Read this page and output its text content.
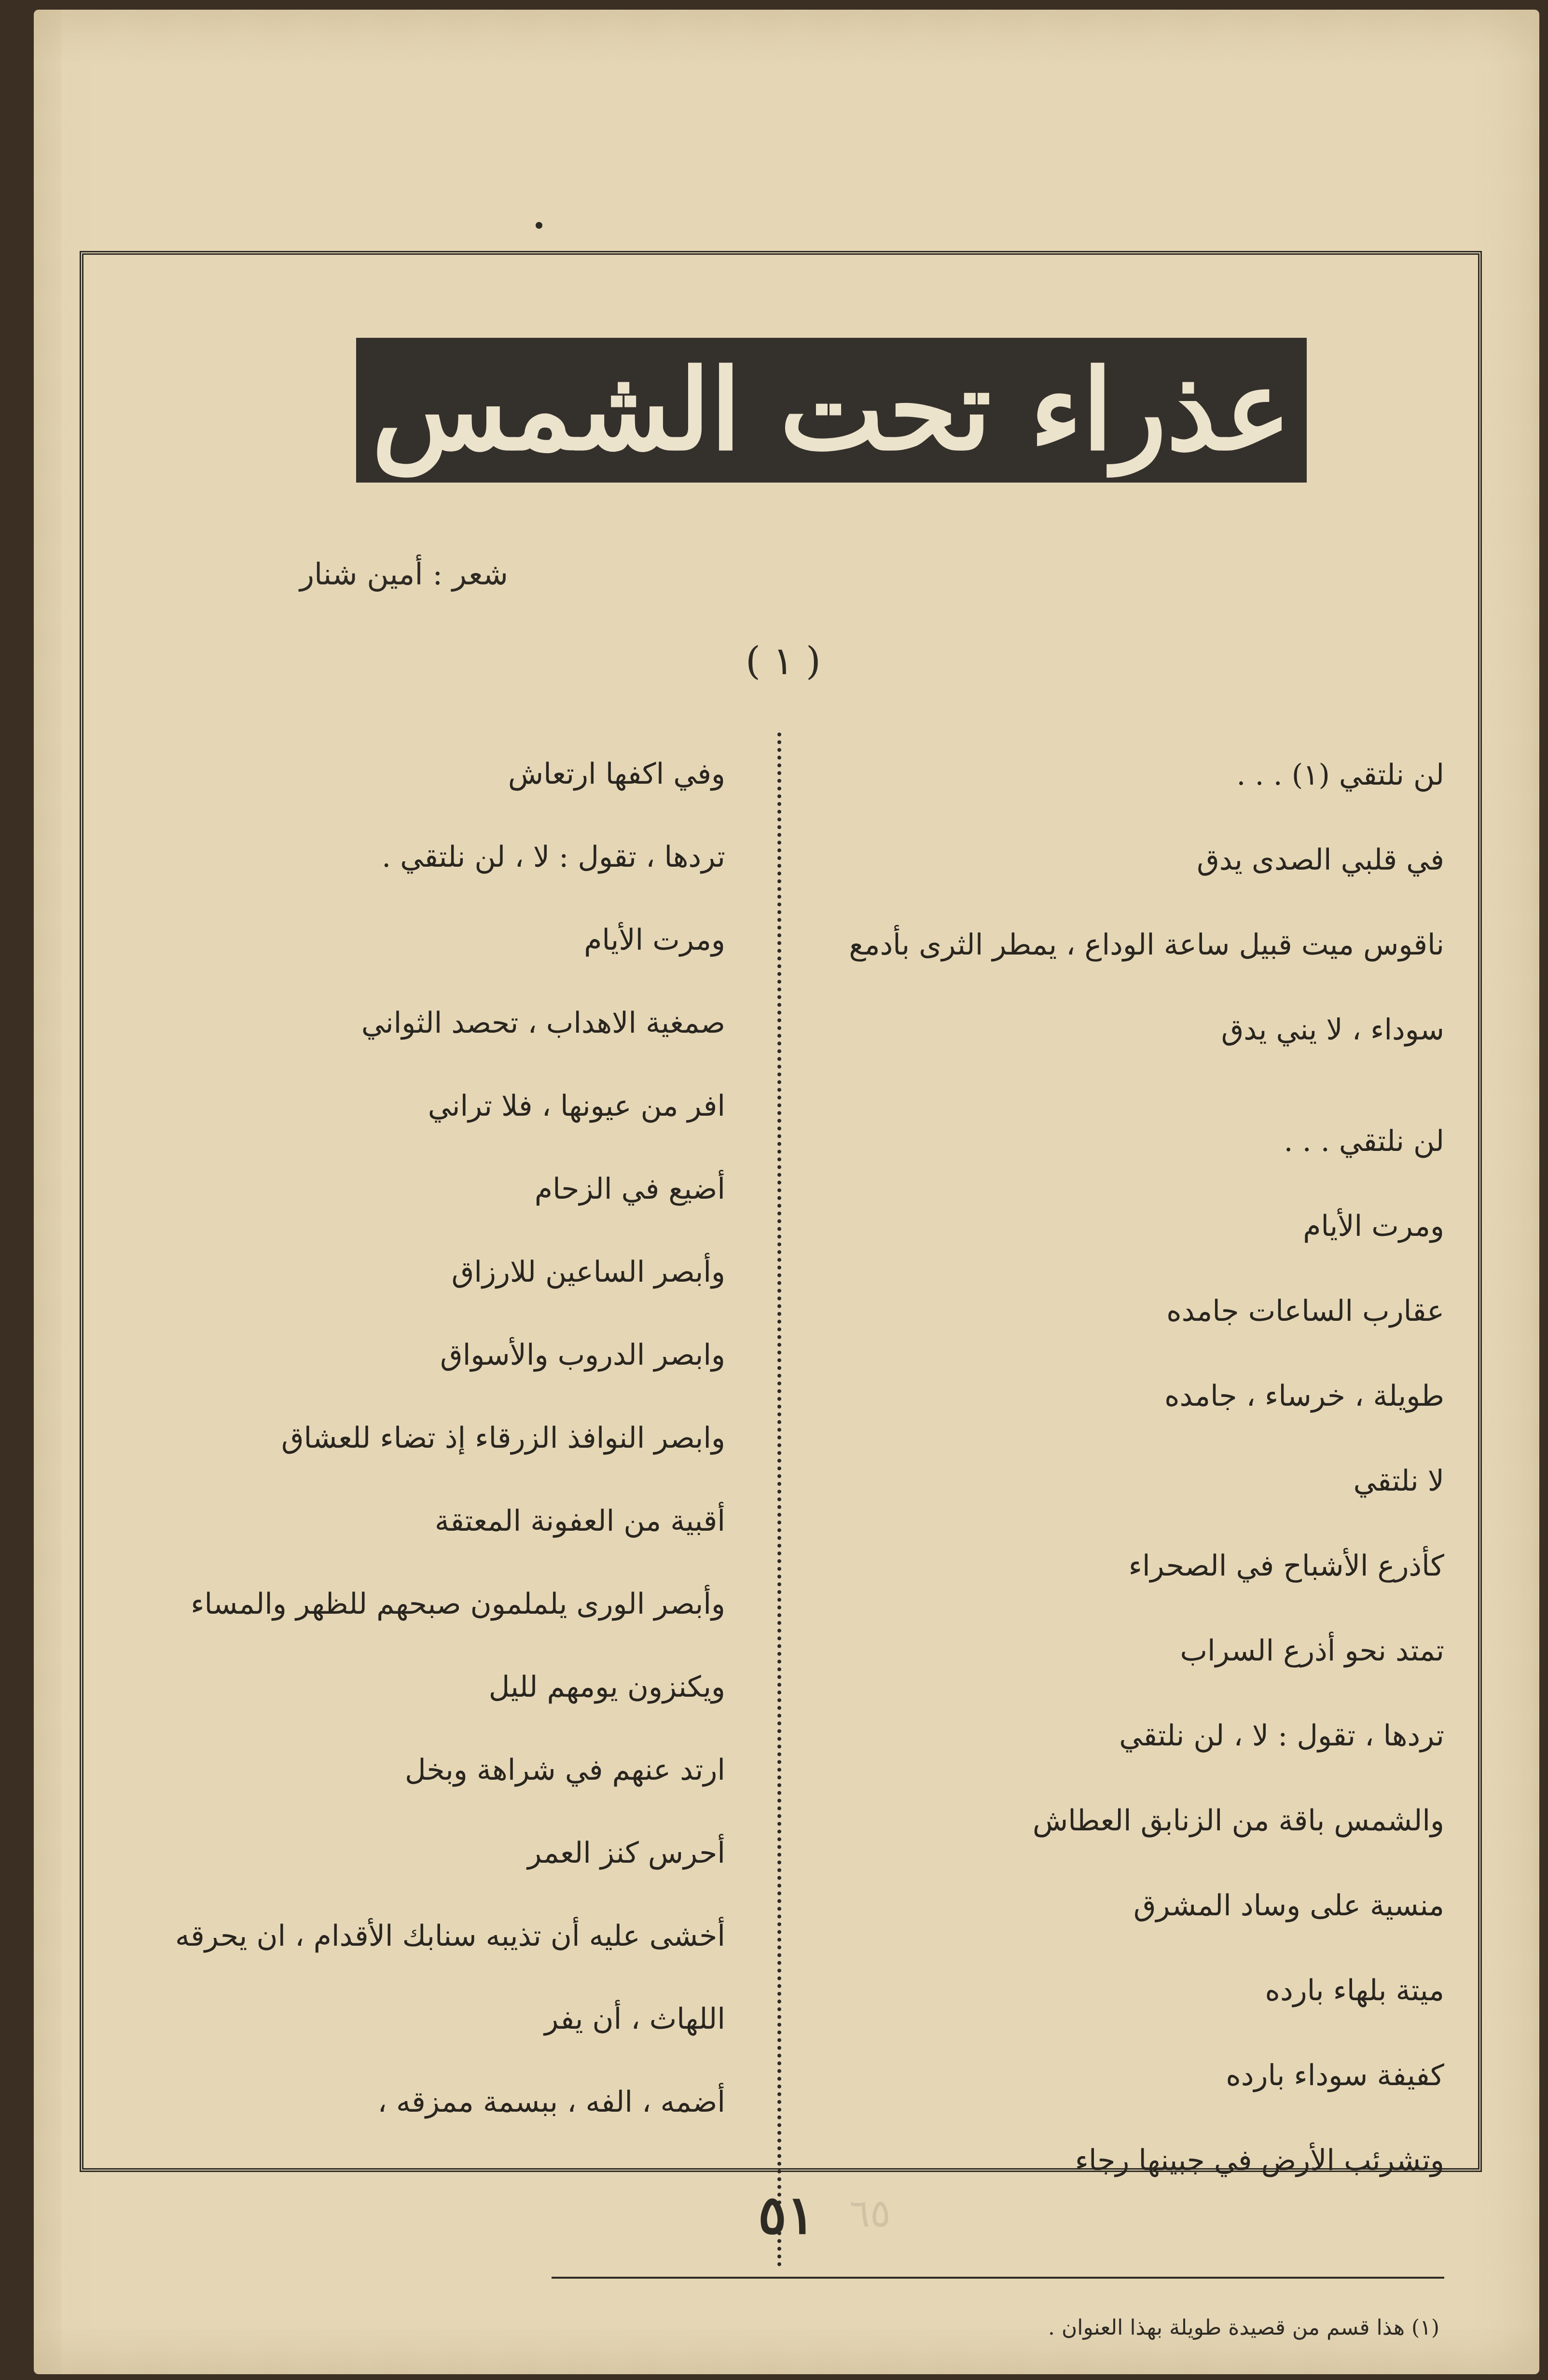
عذراء تحت الشمس
شعر : أمين شنار
( ١ )
لن نلتقي (١) . . .
في قلبي الصدى يدق
ناقوس ميت قبيل ساعة الوداع ، يمطر الثرى بأدمع
سوداء ، لا يني يدق
لن نلتقي . . .
ومرت الأيام
عقارب الساعات جامده
طويلة ، خرساء ، جامده
لا نلتقي
كأذرع الأشباح في الصحراء
تمتد نحو أذرع السراب
تردها ، تقول : لا ، لن نلتقي
والشمس باقة من الزنابق العطاش
منسية على وساد المشرق
ميتة بلهاء بارده
كفيفة سوداء بارده
وتشرئب الأرض في جبينها رجاء
وفي اكفها ارتعاش
تردها ، تقول : لا ، لن نلتقي .
ومرت الأيام
صمغية الاهداب ، تحصد الثواني
افر من عيونها ، فلا تراني
أضيع في الزحام
وأبصر الساعين للارزاق
وابصر الدروب والأسواق
وابصر النوافذ الزرقاء إذ تضاء للعشاق
أقبية من العفونة المعتقة
وأبصر الورى يلملمون صبحهم للظهر والمساء
ويكنزون يومهم لليل
ارتد عنهم في شراهة وبخل
أحرس كنز العمر
أخشى عليه أن تذيبه سنابك الأقدام ، ان يحرقه
اللهاث ، أن يفر
أضمه ، الفه ، ببسمة ممزقه ،
(١) هذا قسم من قصيدة طويلة بهذا العنوان .
٥١ ٦٥
